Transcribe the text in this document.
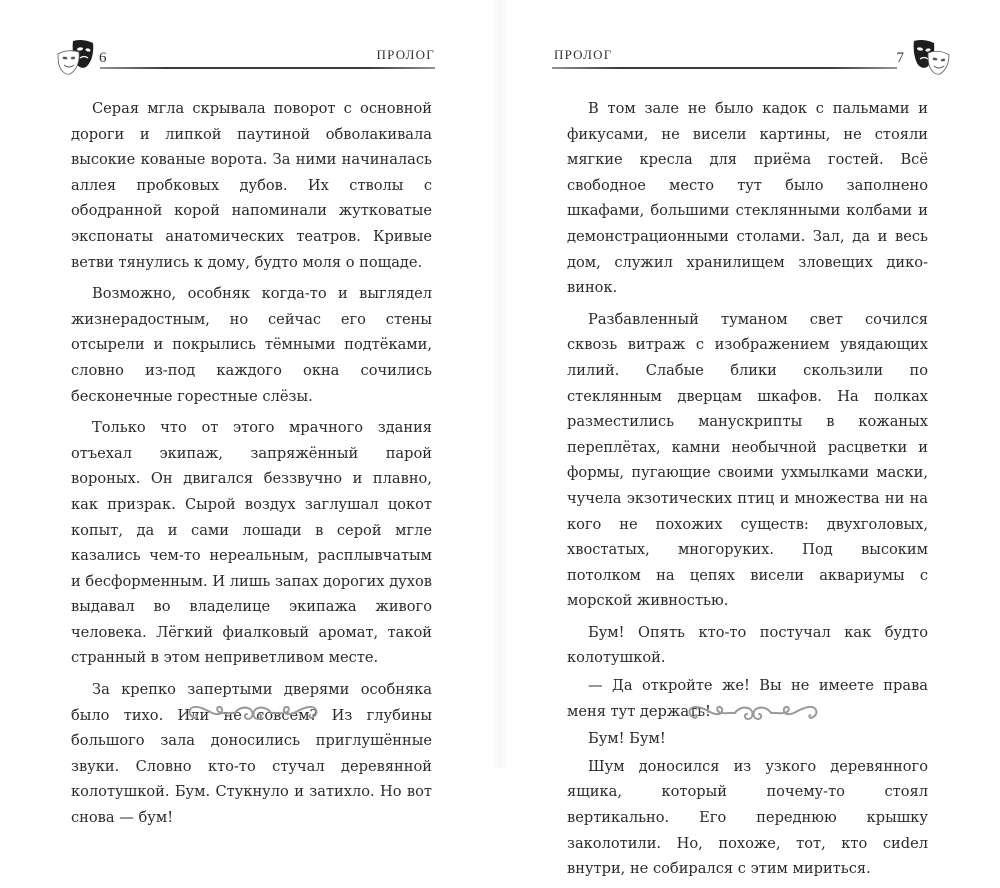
6	ПРОЛОГ

Серая мгла скрывала поворот с основной дороги и липкой паутиной обволакивала высокие кованые ворота. За ними начиналась аллея пробковых дубов. Их стволы с ободранной корой напоминали жутковатые экспонаты анатомических театров. Кривые ветви тянулись к дому, будто моля о пощаде.

Возможно, особняк когда-то и выглядел жизнерадостным, но сейчас его стены отсырели и покрылись тёмными подтёками, словно из-под каждого окна сочились бесконечные горестные слёзы.

Только что от этого мрачного здания отъехал экипаж, запряжённый парой вороных. Он двигался беззвучно и плавно, как призрак. Сырой воздух заглушал цокот копыт, да и сами лошади в серой мгле казались чем-то нереальным, расплывчатым и бесформенным. И лишь запах дорогих духов выдавал во владелице экипажа живого человека. Лёгкий фиалковый аромат, такой странный в этом неприветливом месте.

За крепко запертыми дверями особняка было тихо. Или не совсем? Из глубины большого зала доносились приглушённые звуки. Словно кто-то стучал деревянной колотушкой. Бум. Стукнуло и затихло. Но вот снова — бум!

ПРОЛОГ	7

В том зале не было кадок с пальмами и фикусами, не висели картины, не стояли мягкие кресла для приёма гостей. Всё свободное место тут было заполнено шкафами, большими стеклянными колбами и демонстрационными столами. Зал, да и весь дом, служил хранилищем зловещих диковинок.

Разбавленный туманом свет сочился сквозь витраж с изображением увядающих лилий. Слабые блики скользили по стеклянным дверцам шкафов. На полках разместились манускрипты в кожаных переплётах, камни необычной расцветки и формы, пугающие своими ухмылками маски, чучела экзотических птиц и множества ни на кого не похожих существ: двухголовых, хвостатых, многоруких. Под высоким потолком на цепях висели аквариумы с морской живностью.

Бум! Опять кто-то постучал как будто колотушкой.

— Да откройте же! Вы не имеете права меня тут держать!

Бум! Бум!

Шум доносился из узкого деревянного ящика, который почему-то стоял вертикально. Его переднюю крышку заколотили. Но, похоже, тот, кто сиdел внутри, не собирался с этим мириться.
